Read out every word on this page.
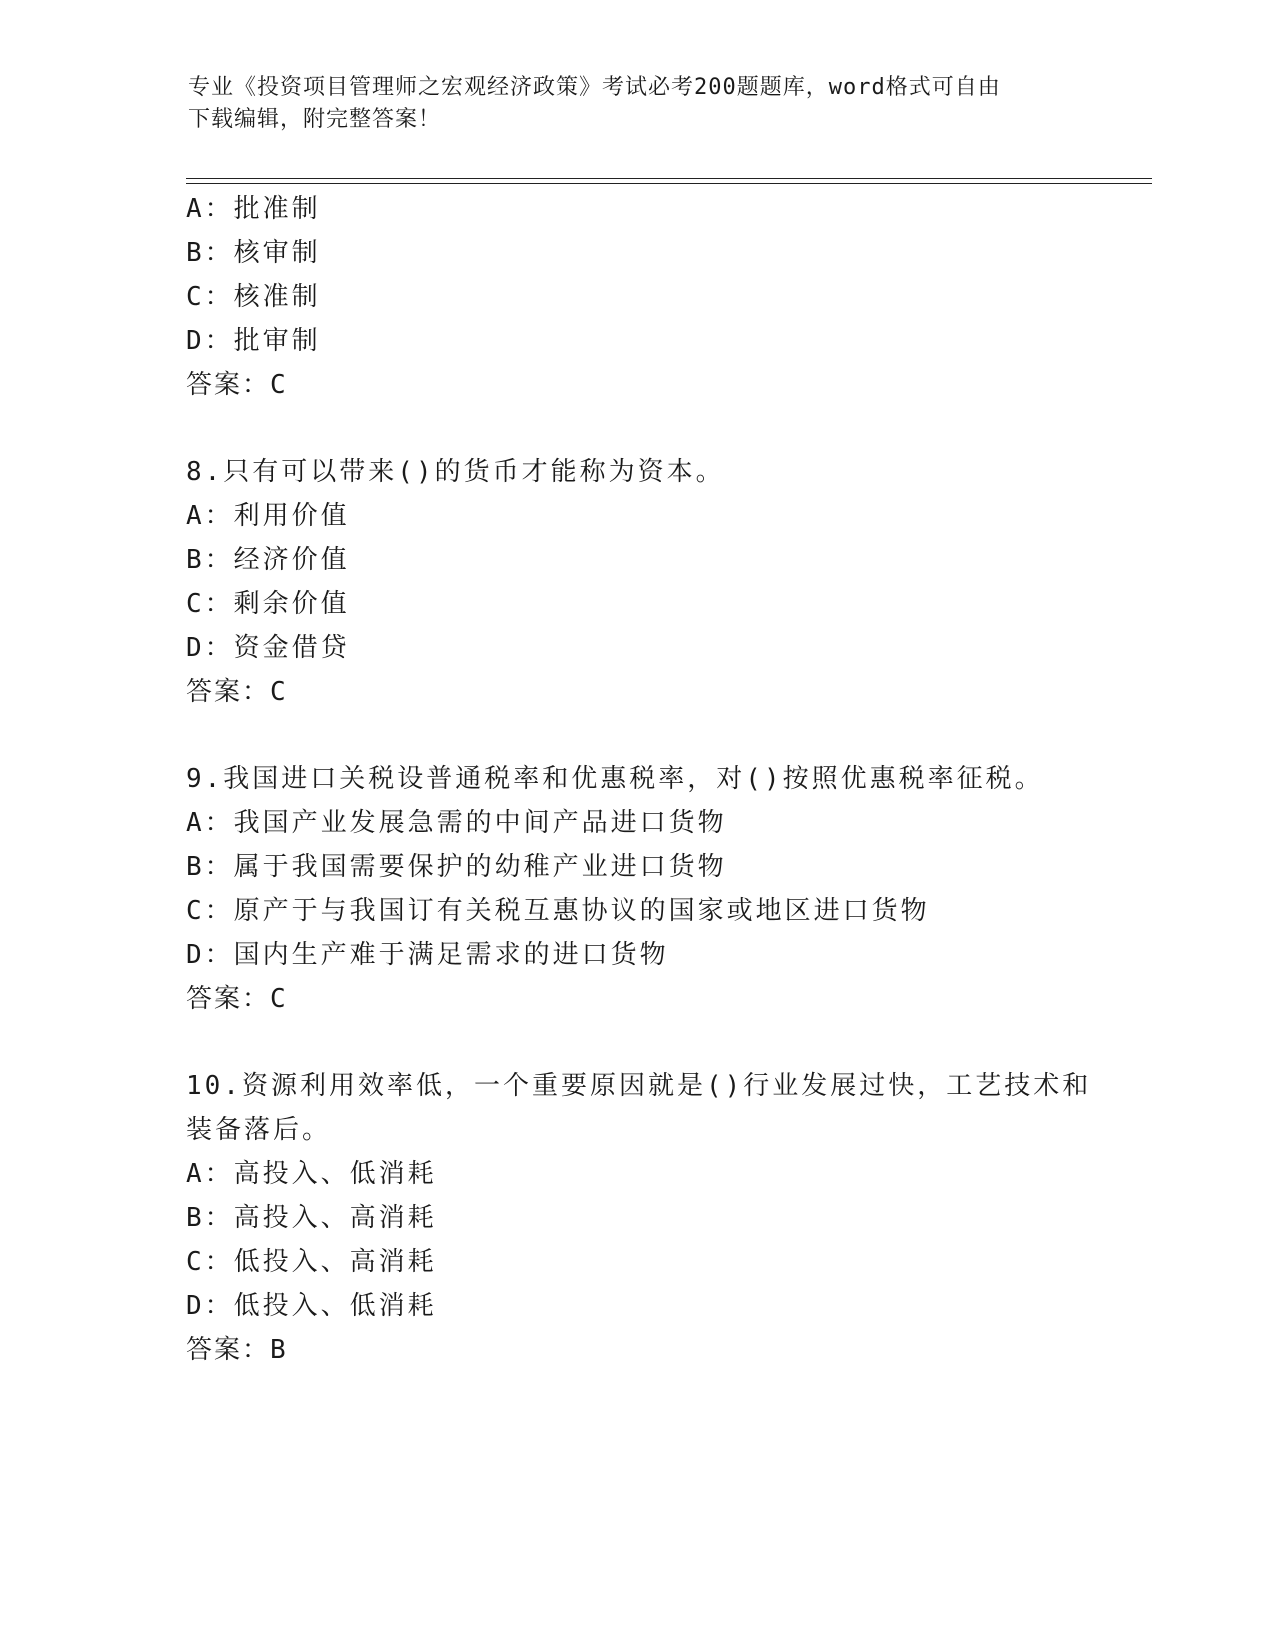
专业《投资项目管理师之宏观经济政策》考试必考200题题库，word格式可自由
下载编辑，附完整答案！
A：批准制
B：核审制
C：核准制
D：批审制
答案：C
8.只有可以带来()的货币才能称为资本。
A：利用价值
B：经济价值
C：剩余价值
D：资金借贷
答案：C
9.我国进口关税设普通税率和优惠税率，对()按照优惠税率征税。
A：我国产业发展急需的中间产品进口货物
B：属于我国需要保护的幼稚产业进口货物
C：原产于与我国订有关税互惠协议的国家或地区进口货物
D：国内生产难于满足需求的进口货物
答案：C
10.资源利用效率低，一个重要原因就是()行业发展过快，工艺技术和
装备落后。
A：高投入、低消耗
B：高投入、高消耗
C：低投入、高消耗
D：低投入、低消耗
答案：B
